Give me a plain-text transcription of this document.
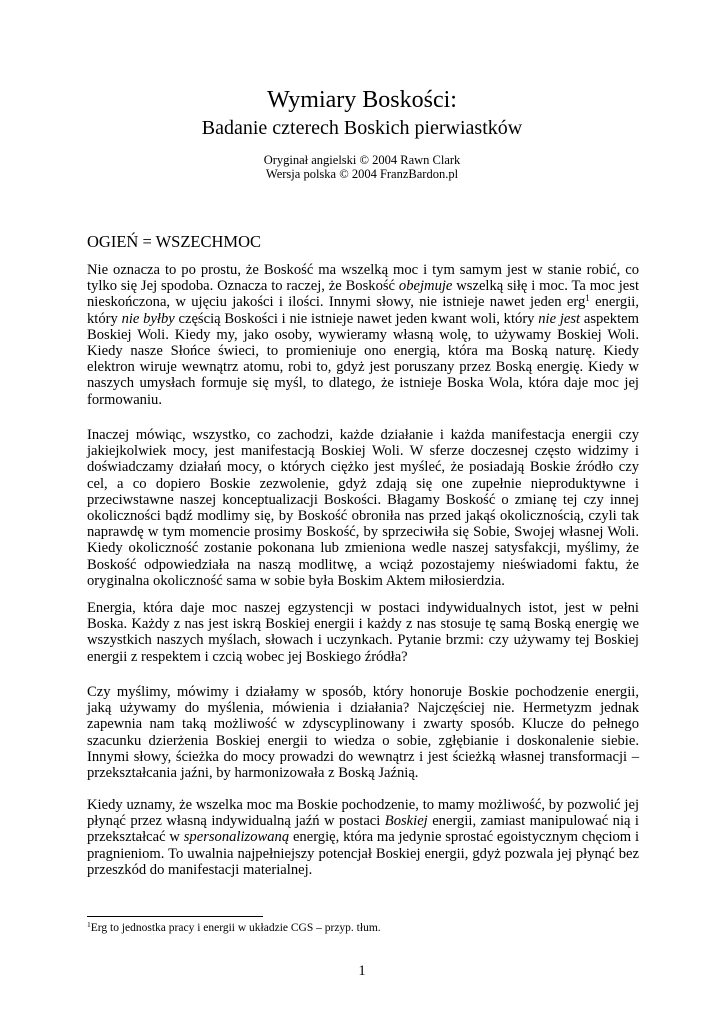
Wymiary Boskości:
Badanie czterech Boskich pierwiastków
Oryginał angielski © 2004 Rawn Clark
Wersja polska © 2004 FranzBardon.pl
OGIEŃ = WSZECHMOC
Nie oznacza to po prostu, że Boskość ma wszelką moc i tym samym jest w stanie robić, co
tylko się Jej spodoba. Oznacza to raczej, że Boskość obejmuje wszelką siłę i moc. Ta moc jest
nieskończona, w ujęciu jakości i ilości. Innymi słowy, nie istnieje nawet jeden erg$^1$ energii,
który nie byłby częścią Boskości i nie istnieje nawet jeden kwant woli, który nie jest aspektem
Boskiej Woli. Kiedy my, jako osoby, wywieramy własną wolę, to używamy Boskiej Woli.
Kiedy nasze Słońce świeci, to promieniuje ono energią, która ma Boską naturę. Kiedy
elektron wiruje wewnątrz atomu, robi to, gdyż jest poruszany przez Boską energię. Kiedy w
naszych umysłach formuje się myśl, to dlatego, że istnieje Boska Wola, która daje moc jej
formowaniu.
Inaczej mówiąc, wszystko, co zachodzi, każde działanie i każda manifestacja energii czy
jakiejkolwiek mocy, jest manifestacją Boskiej Woli. W sferze doczesnej często widzimy i
doświadczamy działań mocy, o których ciężko jest myśleć, że posiadają Boskie źródło czy
cel, a co dopiero Boskie zezwolenie, gdyż zdają się one zupełnie nieproduktywne i
przeciwstawne naszej konceptualizacji Boskości. Błagamy Boskość o zmianę tej czy innej
okoliczności bądź modlimy się, by Boskość obroniła nas przed jakąś okolicznością, czyli tak
naprawdę w tym momencie prosimy Boskość, by sprzeciwiła się Sobie, Swojej własnej Woli.
Kiedy okoliczność zostanie pokonana lub zmieniona wedle naszej satysfakcji, myślimy, że
Boskość odpowiedziała na naszą modlitwę, a wciąż pozostajemy nieświadomi faktu, że
oryginalna okoliczność sama w sobie była Boskim Aktem miłosierdzia.
Energia, która daje moc naszej egzystencji w postaci indywidualnych istot, jest w pełni
Boska. Każdy z nas jest iskrą Boskiej energii i każdy z nas stosuje tę samą Boską energię we
wszystkich naszych myślach, słowach i uczynkach. Pytanie brzmi: czy używamy tej Boskiej
energii z respektem i czcią wobec jej Boskiego źródła?
Czy myślimy, mówimy i działamy w sposób, który honoruje Boskie pochodzenie energii,
jaką używamy do myślenia, mówienia i działania? Najczęściej nie. Hermetyzm jednak
zapewnia nam taką możliwość w zdyscyplinowany i zwarty sposób. Klucze do pełnego
szacunku dzierżenia Boskiej energii to wiedza o sobie, zgłębianie i doskonalenie siebie.
Innymi słowy, ścieżka do mocy prowadzi do wewnątrz i jest ścieżką własnej transformacji –
przekształcania jaźni, by harmonizowała z Boską Jaźnią.
Kiedy uznamy, że wszelka moc ma Boskie pochodzenie, to mamy możliwość, by pozwolić jej
płynąć przez własną indywidualną jaźń w postaci Boskiej energii, zamiast manipulować nią i
przekształcać w spersonalizowaną energię, która ma jedynie sprostać egoistycznym chęciom i
pragnieniom. To uwalnia najpełniejszy potencjał Boskiej energii, gdyż pozwala jej płynąć bez
przeszkód do manifestacji materialnej.
$^1$Erg to jednostka pracy i energii w układzie CGS – przyp. tłum.
1
